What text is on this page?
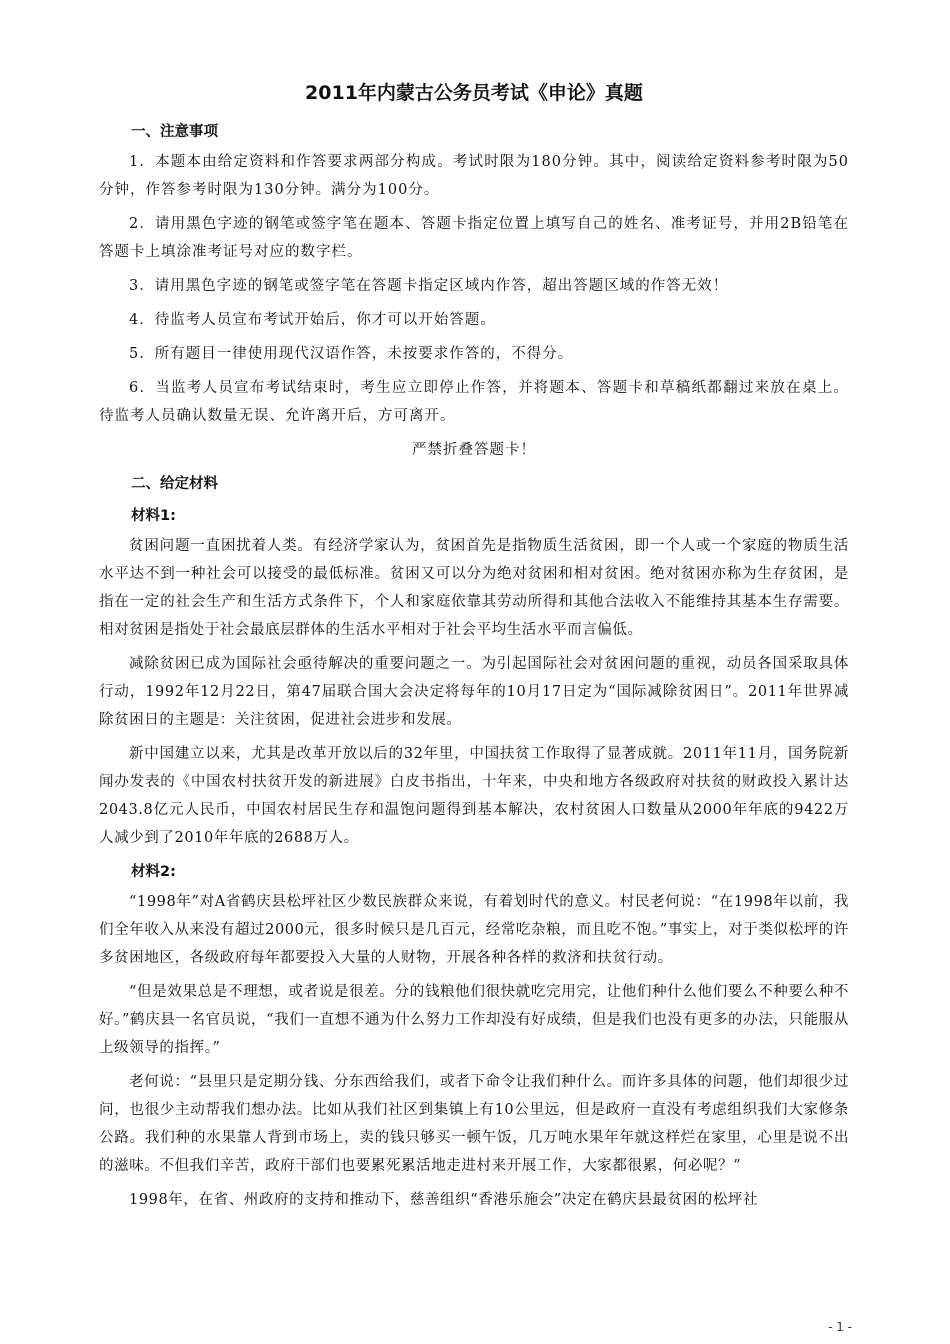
2011年内蒙古公务员考试《申论》真题
一、注意事项

1．本题本由给定资料和作答要求两部分构成。考试时限为180分钟。其中，阅读给定资料参考时限为50分钟，作答参考时限为130分钟。满分为100分。

2．请用黑色字迹的钢笔或签字笔在题本、答题卡指定位置上填写自己的姓名、准考证号，并用2B铅笔在答题卡上填涂准考证号对应的数字栏。

3．请用黑色字迹的钢笔或签字笔在答题卡指定区域内作答，超出答题区域的作答无效！

4．待监考人员宣布考试开始后，你才可以开始答题。

5．所有题目一律使用现代汉语作答，未按要求作答的，不得分。

6．当监考人员宣布考试结束时，考生应立即停止作答，并将题本、答题卡和草稿纸都翻过来放在桌上。待监考人员确认数量无误、允许离开后，方可离开。

严禁折叠答题卡！

二、给定材料
材料1:

贫困问题一直困扰着人类。有经济学家认为，贫困首先是指物质生活贫困，即一个人或一个家庭的物质生活水平达不到一种社会可以接受的最低标准。贫困又可以分为绝对贫困和相对贫困。绝对贫困亦称为生存贫困，是指在一定的社会生产和生活方式条件下，个人和家庭依靠其劳动所得和其他合法收入不能维持其基本生存需要。相对贫困是指处于社会最底层群体的生活水平相对于社会平均生活水平而言偏低。

减除贫困已成为国际社会亟待解决的重要问题之一。为引起国际社会对贫困问题的重视，动员各国采取具体行动，1992年12月22日，第47届联合国大会决定将每年的10月17日定为“国际减除贫困日”。2011年世界减除贫困日的主题是：关注贫困，促进社会进步和发展。

新中国建立以来，尤其是改革开放以后的32年里，中国扶贫工作取得了显著成就。2011年11月，国务院新闻办发表的《中国农村扶贫开发的新进展》白皮书指出，十年来，中央和地方各级政府对扶贫的财政投入累计达2043.8亿元人民币，中国农村居民生存和温饱问题得到基本解决，农村贫困人口数量从2000年年底的9422万人减少到了2010年年底的2688万人。

材料2:

“1998年”对A省鹤庆县松坪社区少数民族群众来说，有着划时代的意义。村民老何说：“在1998年以前，我们全年收入从来没有超过2000元，很多时候只是几百元，经常吃杂粮，而且吃不饱。”事实上，对于类似松坪的许多贫困地区，各级政府每年都要投入大量的人财物，开展各种各样的救济和扶贫行动。

“但是效果总是不理想，或者说是很差。分的钱粮他们很快就吃完用完，让他们种什么他们要么不种要么种不好。”鹤庆县一名官员说，“我们一直想不通为什么努力工作却没有好成绩，但是我们也没有更多的办法，只能服从上级领导的指挥。”

老何说：“县里只是定期分钱、分东西给我们，或者下命令让我们种什么。而许多具体的问题，他们却很少过问，也很少主动帮我们想办法。比如从我们社区到集镇上有10公里远，但是政府一直没有考虑组织我们大家修条公路。我们种的水果靠人背到市场上，卖的钱只够买一顿午饭，几万吨水果年年就这样烂在家里，心里是说不出的滋味。不但我们辛苦，政府干部们也要累死累活地走进村来开展工作，大家都很累，何必呢？”

1998年，在省、州政府的支持和推动下，慈善组织“香港乐施会”决定在鹤庆县最贫困的松坪社

- 1 -
